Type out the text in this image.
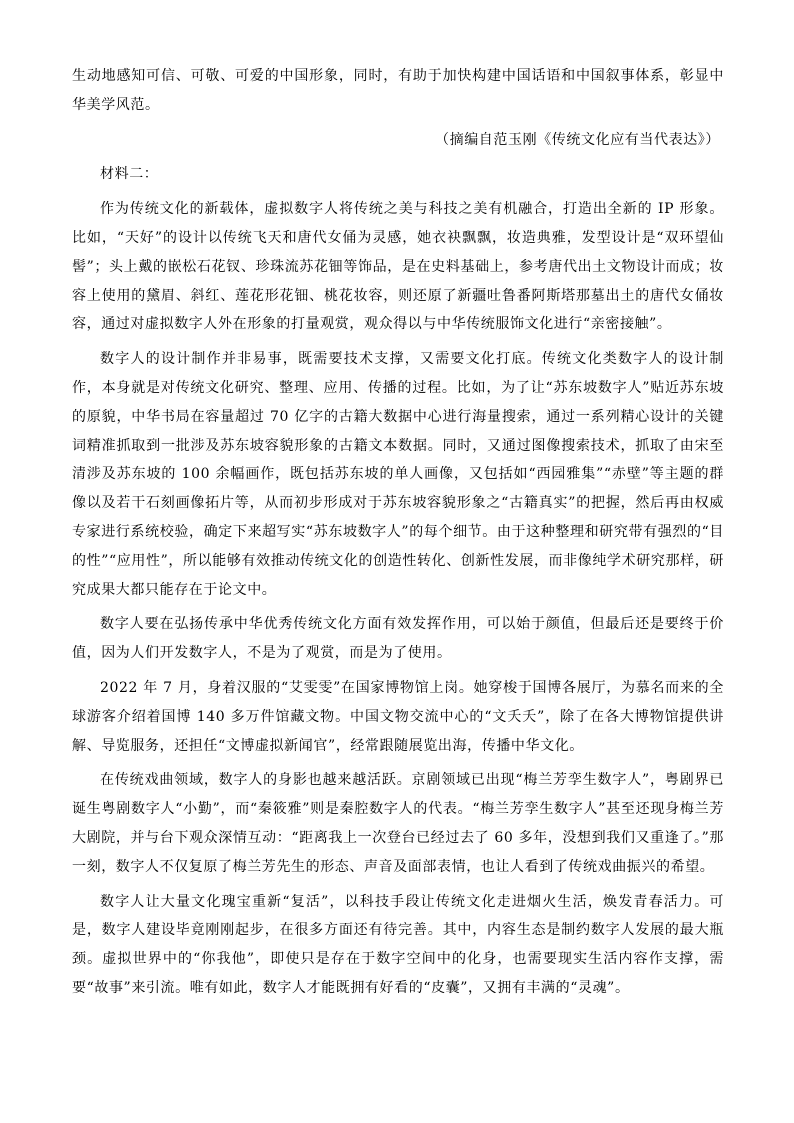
生动地感知可信、可敬、可爱的中国形象，同时，有助于加快构建中国话语和中国叙事体系，彰显中华美学风范。

（摘编自范玉刚《传统文化应有当代表达》）

材料二：

作为传统文化的新载体，虚拟数字人将传统之美与科技之美有机融合，打造出全新的 IP 形象。比如，“天好”的设计以传统飞天和唐代女俑为灵感，她衣袂飘飘，妆造典雅，发型设计是“双环望仙髻”；头上戴的嵌松石花钗、珍珠流苏花钿等饰品，是在史料基础上，参考唐代出土文物设计而成；妆容上使用的黛眉、斜红、莲花形花钿、桃花妆容，则还原了新疆吐鲁番阿斯塔那墓出土的唐代女俑妆容，通过对虚拟数字人外在形象的打量观赏，观众得以与中华传统服饰文化进行“亲密接触”。

数字人的设计制作并非易事，既需要技术支撑，又需要文化打底。传统文化类数字人的设计制作，本身就是对传统文化研究、整理、应用、传播的过程。比如，为了让“苏东坡数字人”贴近苏东坡的原貌，中华书局在容量超过 70 亿字的古籍大数据中心进行海量搜索，通过一系列精心设计的关键词精准抓取到一批涉及苏东坡容貌形象的古籍文本数据。同时，又通过图像搜索技术，抓取了由宋至清涉及苏东坡的 100 余幅画作，既包括苏东坡的单人画像，又包括如“西园雅集”“赤壁”等主题的群像以及若干石刻画像拓片等，从而初步形成对于苏东坡容貌形象之“古籍真实”的把握，然后再由权威专家进行系统校验，确定下来超写实“苏东坡数字人”的每个细节。由于这种整理和研究带有强烈的“目的性”“应用性”，所以能够有效推动传统文化的创造性转化、创新性发展，而非像纯学术研究那样，研究成果大都只能存在于论文中。

数字人要在弘扬传承中华优秀传统文化方面有效发挥作用，可以始于颜值，但最后还是要终于价值，因为人们开发数字人，不是为了观赏，而是为了使用。

2022 年 7 月，身着汉服的“艾雯雯”在国家博物馆上岗。她穿梭于国博各展厅，为慕名而来的全球游客介绍着国博 140 多万件馆藏文物。中国文物交流中心的“文夭夭”，除了在各大博物馆提供讲解、导览服务，还担任“文博虚拟新闻官”，经常跟随展览出海，传播中华文化。

在传统戏曲领域，数字人的身影也越来越活跃。京剧领域已出现“梅兰芳孪生数字人”，粤剧界已诞生粤剧数字人“小勤”，而“秦筱雅”则是秦腔数字人的代表。“梅兰芳孪生数字人”甚至还现身梅兰芳大剧院，并与台下观众深情互动：“距离我上一次登台已经过去了 60 多年，没想到我们又重逢了。”那一刻，数字人不仅复原了梅兰芳先生的形态、声音及面部表情，也让人看到了传统戏曲振兴的希望。

数字人让大量文化瑰宝重新“复活”，以科技手段让传统文化走进烟火生活，焕发青春活力。可是，数字人建设毕竟刚刚起步，在很多方面还有待完善。其中，内容生态是制约数字人发展的最大瓶颈。虚拟世界中的“你我他”，即使只是存在于数字空间中的化身，也需要现实生活内容作支撑，需要“故事”来引流。唯有如此，数字人才能既拥有好看的“皮囊”，又拥有丰满的“灵魂”。
